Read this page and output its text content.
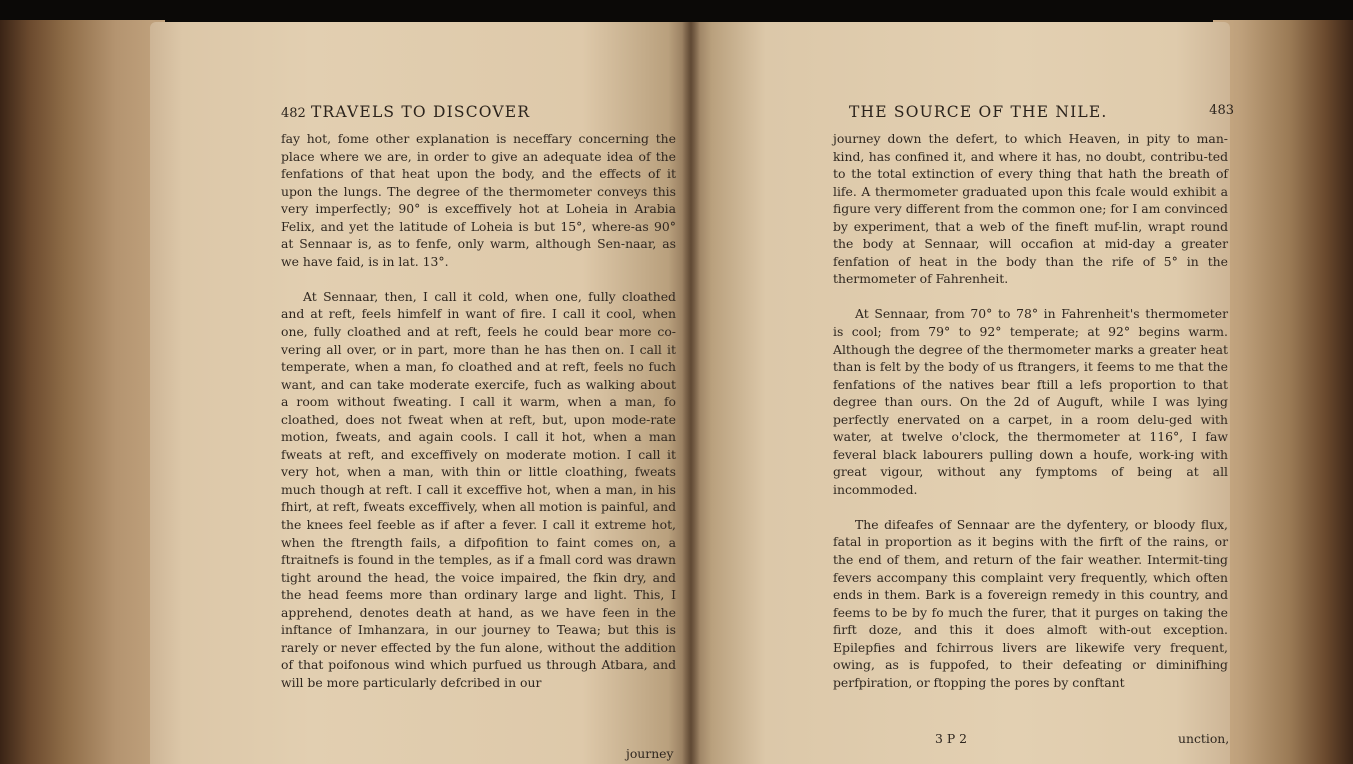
482 TRAVELS TO DISCOVER	THE SOURCE OF THE NILE.	483

fay hot, fome other explanation is neceffary concerning the place where we are, in order to give an adequate idea of the fenfations of that heat upon the body, and the effects of it upon the lungs. The degree of the thermometer conveys this very imperfectly; 90° is exceffively hot at Loheia in Arabia Felix, and yet the latitude of Loheia is but 15°, where-as 90° at Sennaar is, as to fenfe, only warm, although Sen-naar, as we have faid, is in lat. 13°.

At Sennaar, then, I call it cold, when one, fully cloathed and at reft, feels himfelf in want of fire. I call it cool, when one, fully cloathed and at reft, feels he could bear more co-vering all over, or in part, more than he has then on. I call it temperate, when a man, fo cloathed and at reft, feels no fuch want, and can take moderate exercife, fuch as walking about a room without fweating. I call it warm, when a man, fo cloathed, does not fweat when at reft, but, upon mode-rate motion, fweats, and again cools. I call it hot, when a man fweats at reft, and exceffively on moderate motion. I call it very hot, when a man, with thin or little cloathing, fweats much though at reft. I call it exceffive hot, when a man, in his fhirt, at reft, fweats exceffively, when all motion is painful, and the knees feel feeble as if after a fever. I call it extreme hot, when the ftrength fails, a difpofition to faint comes on, a ftraitnefs is found in the temples, as if a fmall cord was drawn tight around the head, the voice impaired, the fkin dry, and the head feems more than ordinary large and light. This, I apprehend, denotes death at hand, as we have feen in the inftance of Imhanzara, in our journey to Teawa; but this is rarely or never effected by the fun alone, without the addition of that poifonous wind which purfued us through Atbara, and will be more particularly defcribed in our

journey

journey down the defert, to which Heaven, in pity to man-kind, has confined it, and where it has, no doubt, contribu-ted to the total extinction of every thing that hath the breath of life. A thermometer graduated upon this fcale would exhibit a figure very different from the common one; for I am convinced by experiment, that a web of the fineft muf-lin, wrapt round the body at Sennaar, will occafion at mid-day a greater fenfation of heat in the body than the rife of 5° in the thermometer of Fahrenheit.

At Sennaar, from 70° to 78° in Fahrenheit's thermometer is cool; from 79° to 92° temperate; at 92° begins warm. Although the degree of the thermometer marks a greater heat than is felt by the body of us ftrangers, it feems to me that the fenfations of the natives bear ftill a lefs proportion to that degree than ours. On the 2d of Auguft, while I was lying perfectly enervated on a carpet, in a room delu-ged with water, at twelve o'clock, the thermometer at 116°, I faw feveral black labourers pulling down a houfe, work-ing with great vigour, without any fymptoms of being at all incommoded.

The difeafes of Sennaar are the dyfentery, or bloody flux, fatal in proportion as it begins with the firft of the rains, or the end of them, and return of the fair weather. Intermit-ting fevers accompany this complaint very frequently, which often ends in them. Bark is a fovereign remedy in this country, and feems to be by fo much the furer, that it purges on taking the firft doze, and this it does almoft with-out exception. Epilepfies and fchirrous livers are likewife very frequent, owing, as is fuppofed, to their defeating or diminifhing perfpiration, or ftopping the pores by conftant

3 P 2	unction,
